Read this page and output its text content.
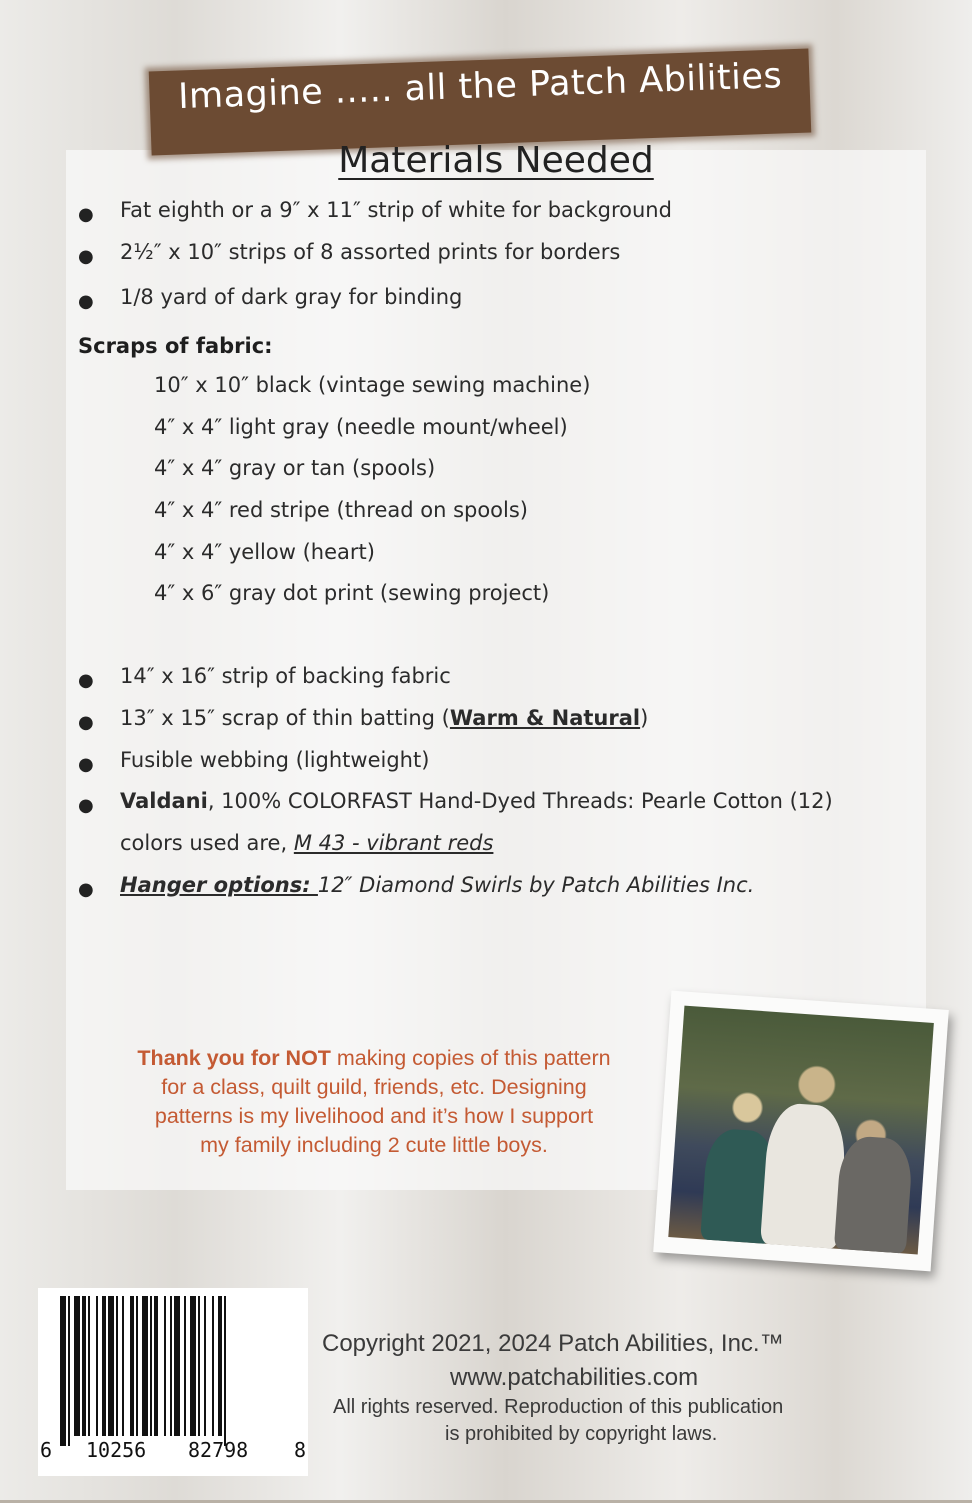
Imagine ..... all the Patch Abilities
Materials Needed
● Fat eighth or a 9″ x 11″ strip of white for background
● 2½″ x 10″ strips of 8 assorted prints for borders
● 1/8 yard of dark gray for binding
Scraps of fabric:
10″ x 10″ black (vintage sewing machine)
4″ x 4″ light gray (needle mount/wheel)
4″ x 4″ gray or tan (spools)
4″ x 4″ red stripe (thread on spools)
4″ x 4″ yellow (heart)
4″ x 6″ gray dot print (sewing project)
● 14″ x 16″ strip of backing fabric
● 13″ x 15″ scrap of thin batting (Warm & Natural)
● Fusible webbing (lightweight)
● Valdani, 100% COLORFAST Hand-Dyed Threads: Pearle Cotton (12)
colors used are, M 43 - vibrant reds
● Hanger options: 12″ Diamond Swirls by Patch Abilities Inc.
Thank you for NOT making copies of this pattern
for a class, quilt guild, friends, etc. Designing
patterns is my livelihood and it’s how I support
my family including 2 cute little boys.
6 10256 82798 8
Copyright 2021, 2024 Patch Abilities, Inc.™
www.patchabilities.com
All rights reserved. Reproduction of this publication
is prohibited by copyright laws.
